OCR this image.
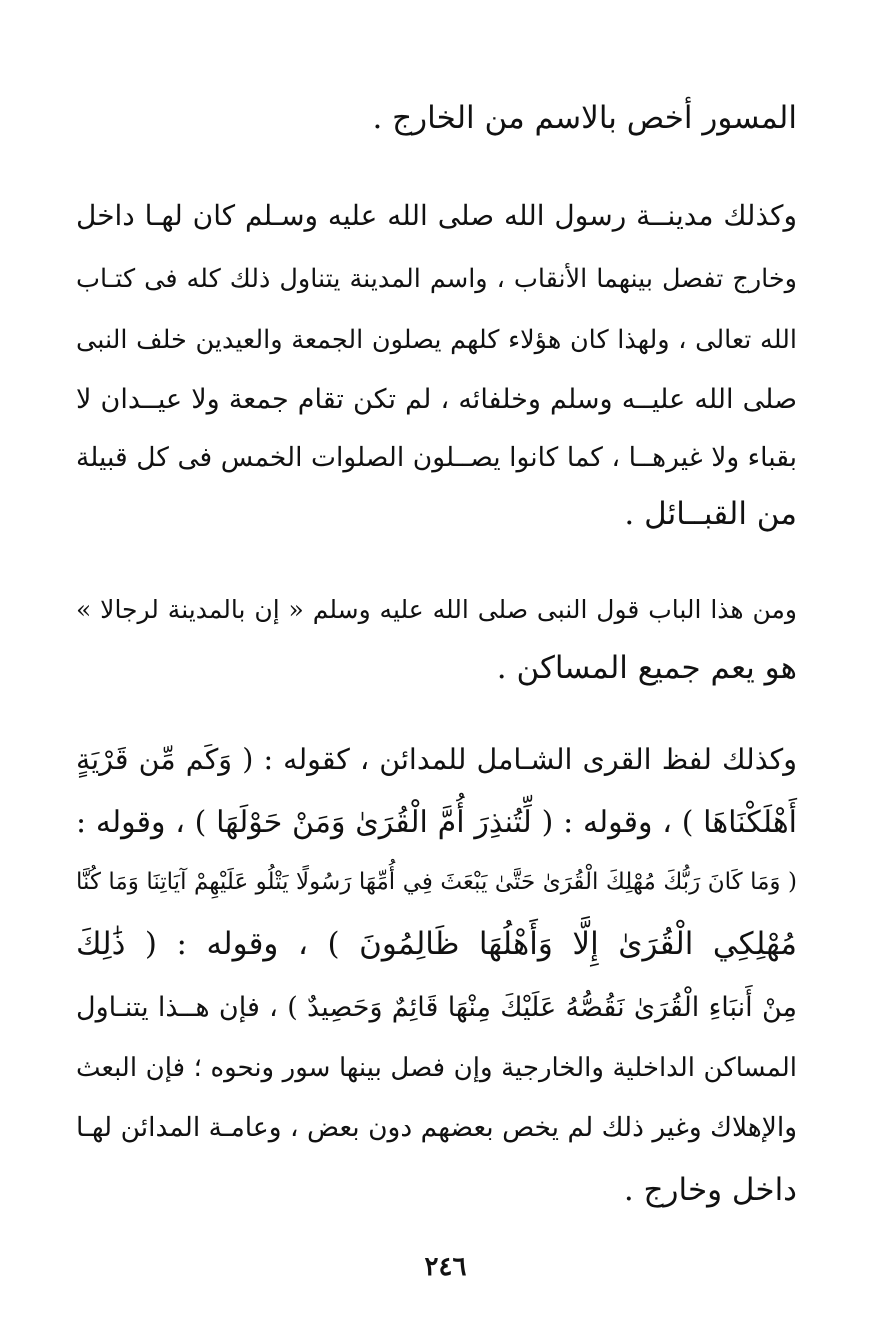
المسور أخص بالاسم من الخارج .
وكذلك مدينــة رسول الله صلى الله عليه وسـلم كان لهـا داخل
وخارج تفصل بينهما الأنقاب ، واسم المدينة يتناول ذلك كله فى كتـاب
الله تعالى ، ولهذا كان هؤلاء كلهم يصلون الجمعة والعيدين خلف النبى
صلى الله عليــه وسلم وخلفائه ، لم تكن تقام جمعة ولا عيــدان لا
بقباء ولا غيرهــا ، كما كانوا يصــلون الصلوات الخمس فى كل قبيلة
من القبــائل .
ومن هذا الباب قول النبى صلى الله عليه وسلم « إن بالمدينة لرجالا »
هو يعم جميع المساكن .
وكذلك لفظ القرى الشـامل للمدائن ، كقوله : ( وَكَم مِّن قَرْيَةٍ
أَهْلَكْنَاهَا ) ، وقوله : ( لِّتُنذِرَ أُمَّ الْقُرَىٰ وَمَنْ حَوْلَهَا ) ، وقوله :
( وَمَا كَانَ رَبُّكَ مُهْلِكَ الْقُرَىٰ حَتَّىٰ يَبْعَثَ فِي أُمِّهَا رَسُولًا يَتْلُو عَلَيْهِمْ آيَاتِنَا وَمَا كُنَّا
مُهْلِكِي الْقُرَىٰ إِلَّا وَأَهْلُهَا ظَالِمُونَ ) ، وقوله : ( ذَٰلِكَ
مِنْ أَنبَاءِ الْقُرَىٰ نَقُصُّهُ عَلَيْكَ مِنْهَا قَائِمٌ وَحَصِيدٌ ) ، فإن هــذا يتنـاول
المساكن الداخلية والخارجية وإن فصل بينها سور ونحوه ؛ فإن البعث
والإهلاك وغير ذلك لم يخص بعضهم دون بعض ، وعامـة المدائن لهـا
داخل وخارج .
٢٤٦
